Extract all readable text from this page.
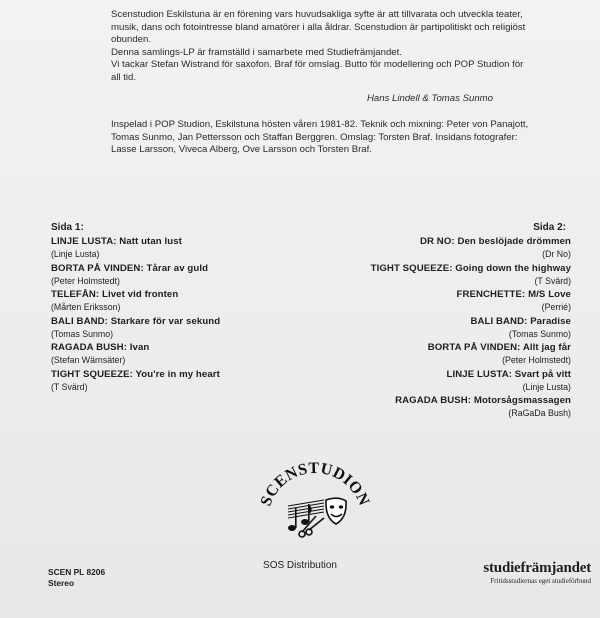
Scenstudion Eskilstuna är en förening vars huvudsakliga syfte är att tillvarata och utveckla teater, musik, dans och fotointresse bland amatörer i alla åldrar. Scenstudion är partipolitiskt och religiöst obunden.

Denna samlings-LP är framställd i samarbete med Studiefrämjandet.

Vi tackar Stefan Wistrand för saxofon. Braf för omslag. Butto för modellering och POP Studion för all tid.

Hans Lindell & Tomas Sunmo

Inspelad i POP Studion, Eskilstuna hösten våren 1981-82. Teknik och mixning: Peter von Panajott, Tomas Sunmo, Jan Pettersson och Staffan Berggren. Omslag: Torsten Braf. Insidans fotografer: Lasse Larsson, Viveca Alberg, Ove Larsson och Torsten Braf.

Sida 1:	Sida 2:
LINJE LUSTA: Natt utan lust
(Linje Lusta)
BORTA PÅ VINDEN: Tårar av guld
(Peter Holmstedt)
TELEFÅN: Livet vid fronten
(Mårten Eriksson)
BALI BAND: Starkare för var sekund
(Tomas Sunmo)
RAGADA BUSH: Ivan
(Stefan Wärnsäter)
TIGHT SQUEEZE: You're in my heart
(T Svärd)
DR NO: Den beslöjade drömmen
(Dr No)
TIGHT SQUEEZE: Going down the highway
(T Svärd)
FRENCHETTE: M/S Love
(Perrié)
BALI BAND: Paradise
(Tomas Sunmo)
BORTA PÅ VINDEN: Allt jag får
(Peter Holmstedt)
LINJE LUSTA: Svart på vitt
(Linje Lusta)
RAGADA BUSH: Motorsågsmassagen
(RaGaDa Bush)
SCENSTUDION
SOS Distribution
SCEN PL 8206
Stereo
studiefrämjandet
Fritidsstudiernas eget studieförbund
